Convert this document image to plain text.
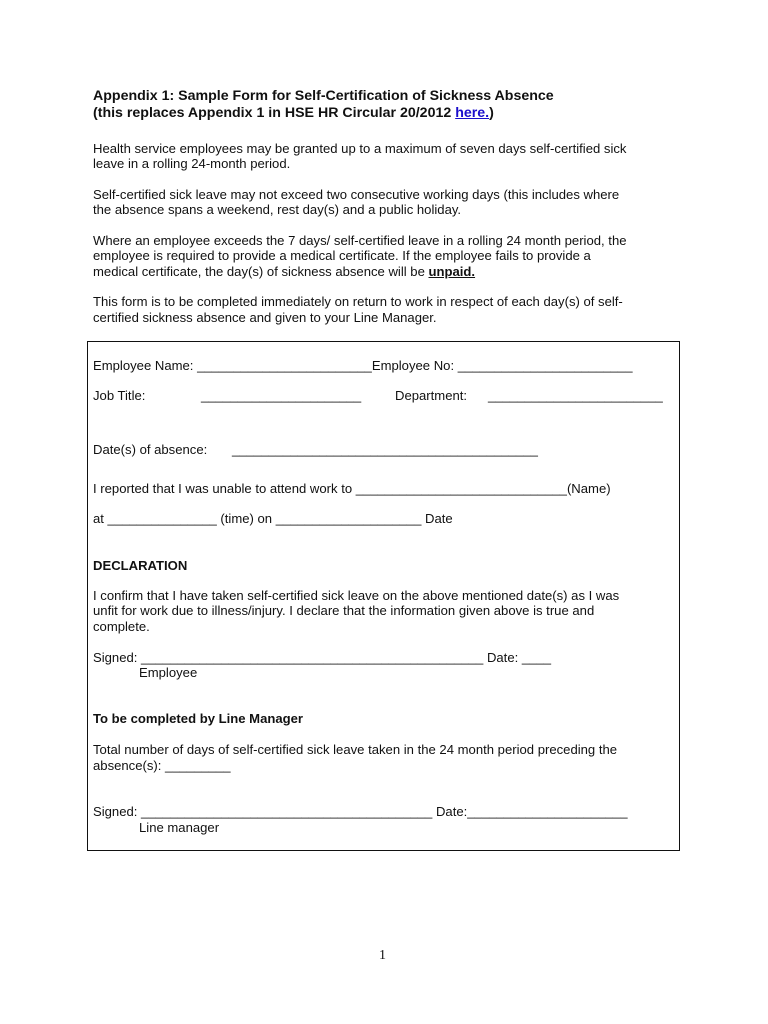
Appendix 1: Sample Form for Self-Certification of Sickness Absence
(this replaces Appendix 1 in HSE HR Circular 20/2012 here.)
Health service employees may be granted up to a maximum of seven days self-certified sick
leave in a rolling 24-month period.
Self-certified sick leave may not exceed two consecutive working days (this includes where
the absence spans a weekend, rest day(s) and a public holiday.
Where an employee exceeds the 7 days/ self-certified leave in a rolling 24 month period, the
employee is required to provide a medical certificate. If the employee fails to provide a
medical certificate, the day(s) of sickness absence will be unpaid.
This form is to be completed immediately on return to work in respect of each day(s) of self-
certified sickness absence and given to your Line Manager.
Employee Name: ________________________Employee No: ________________________
Job Title:	______________________	Department: ________________________
Date(s) of absence: __________________________________________
I reported that I was unable to attend work to _____________________________(Name)
at _______________ (time) on ____________________ Date
DECLARATION
I confirm that I have taken self-certified sick leave on the above mentioned date(s) as I was
unfit for work due to illness/injury. I declare that the information given above is true and
complete.
Signed: _______________________________________________ Date: ____
Employee
To be completed by Line Manager
Total number of days of self-certified sick leave taken in the 24 month period preceding the
absence(s): _________
Signed: ________________________________________ Date:______________________
Line manager
1
